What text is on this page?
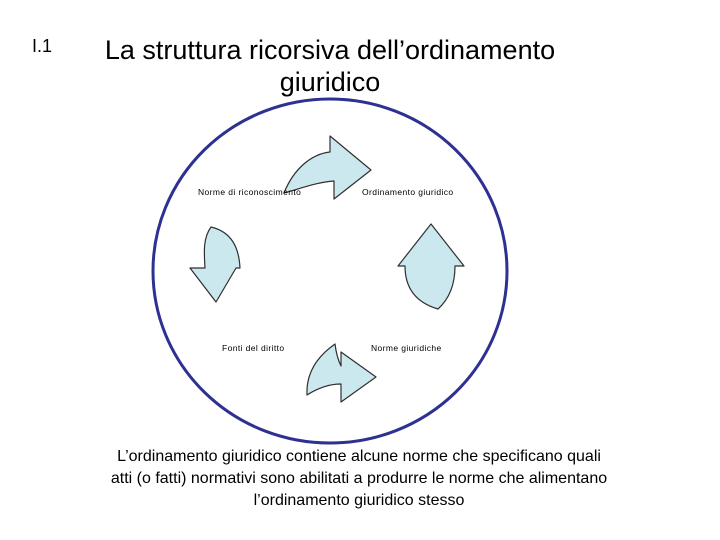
I.1	La struttura ricorsiva dell’ordinamento
giuridico
Norme di riconoscimento	Ordinamento giuridico
Fonti del diritto	Norme giuridiche
L’ordinamento giuridico contiene alcune norme che specificano quali
atti (o fatti) normativi sono abilitati a produrre le norme che alimentano
l’ordinamento giuridico stesso
